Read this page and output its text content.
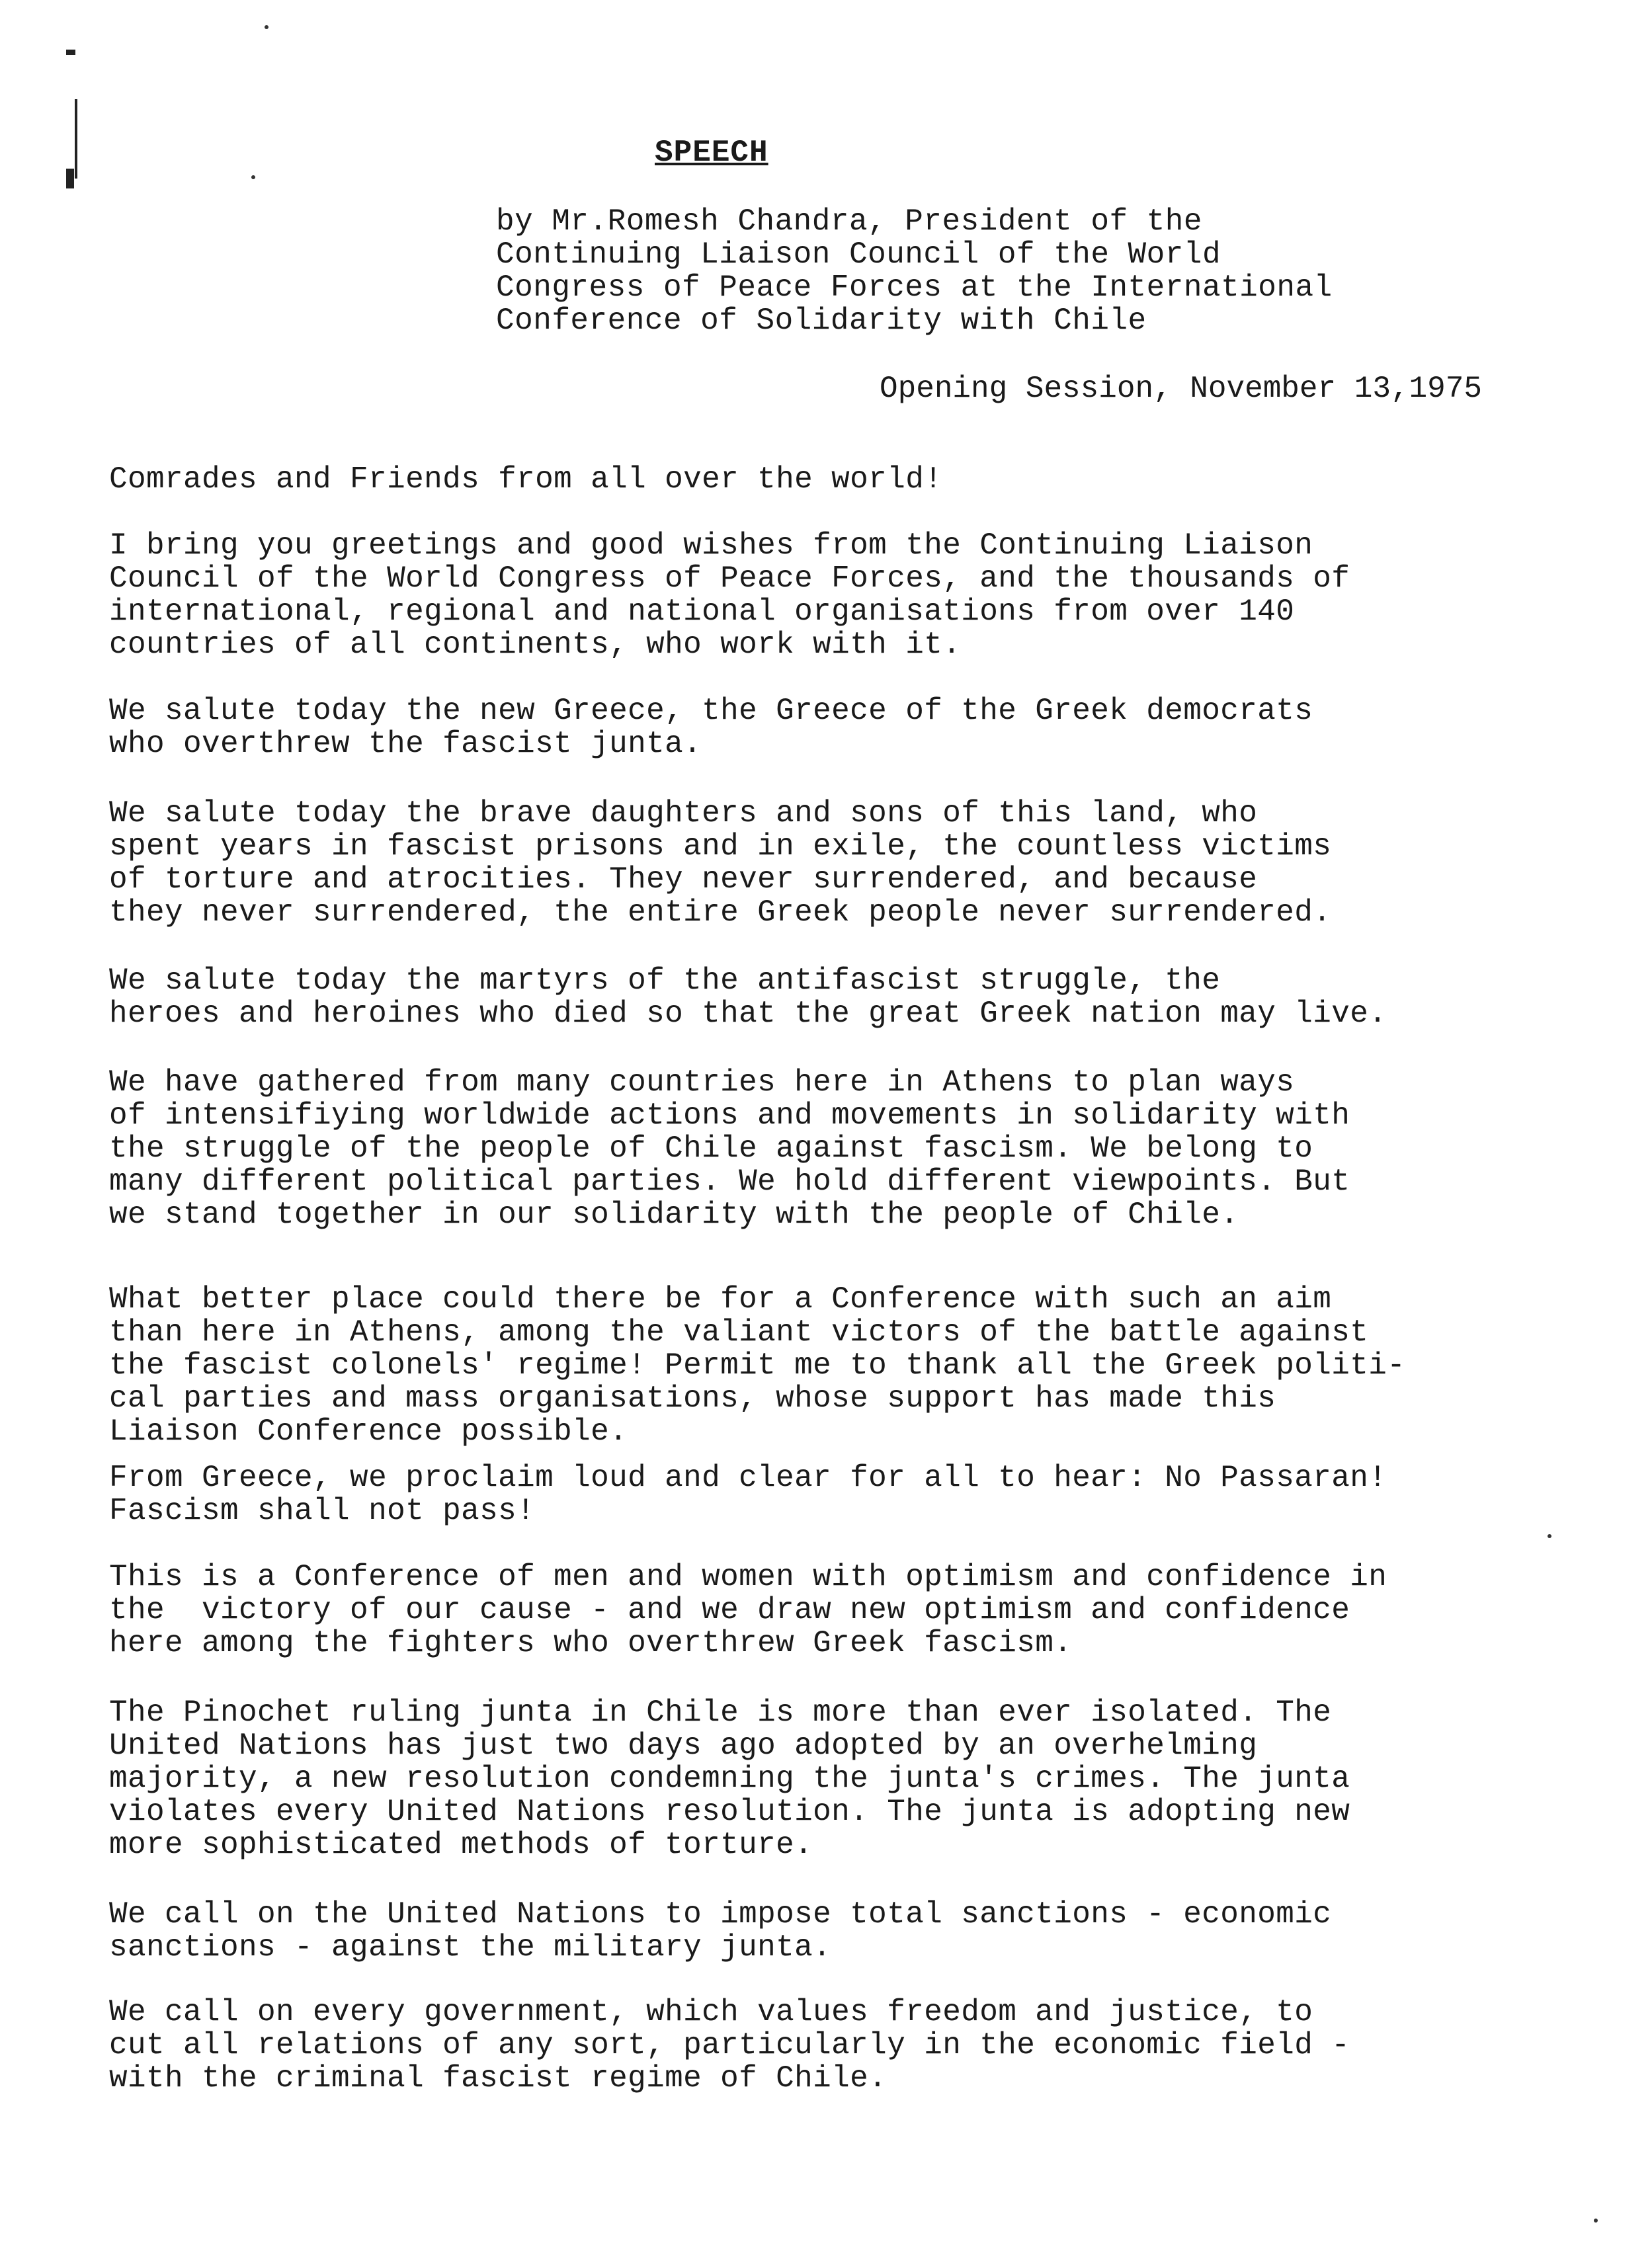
SPEECH

by Mr.Romesh Chandra, President of the
Continuing Liaison Council of the World
Congress of Peace Forces at the International
Conference of Solidarity with Chile

Opening Session, November 13,1975

Comrades and Friends from all over the world!

I bring you greetings and good wishes from the Continuing Liaison
Council of the World Congress of Peace Forces, and the thousands of
international, regional and national organisations from over 140
countries of all continents, who work with it.

We salute today the new Greece, the Greece of the Greek democrats
who overthrew the fascist junta.

We salute today the brave daughters and sons of this land, who
spent years in fascist prisons and in exile, the countless victims
of torture and atrocities. They never surrendered, and because
they never surrendered, the entire Greek people never surrendered.

We salute today the martyrs of the antifascist struggle, the
heroes and heroines who died so that the great Greek nation may live.

We have gathered from many countries here in Athens to plan ways
of intensifiying worldwide actions and movements in solidarity with
the struggle of the people of Chile against fascism. We belong to
many different political parties. We hold different viewpoints. But
we stand together in our solidarity with the people of Chile.

What better place could there be for a Conference with such an aim
than here in Athens, among the valiant victors of the battle against
the fascist colonels' regime! Permit me to thank all the Greek politi-
cal parties and mass organisations, whose support has made this
Liaison Conference possible.

From Greece, we proclaim loud and clear for all to hear: No Passaran!
Fascism shall not pass!

This is a Conference of men and women with optimism and confidence in
the  victory of our cause - and we draw new optimism and confidence
here among the fighters who overthrew Greek fascism.

The Pinochet ruling junta in Chile is more than ever isolated. The
United Nations has just two days ago adopted by an overhelming
majority, a new resolution condemning the junta's crimes. The junta
violates every United Nations resolution. The junta is adopting new
more sophisticated methods of torture.

We call on the United Nations to impose total sanctions - economic
sanctions - against the military junta.

We call on every government, which values freedom and justice, to
cut all relations of any sort, particularly in the economic field -
with the criminal fascist regime of Chile.
